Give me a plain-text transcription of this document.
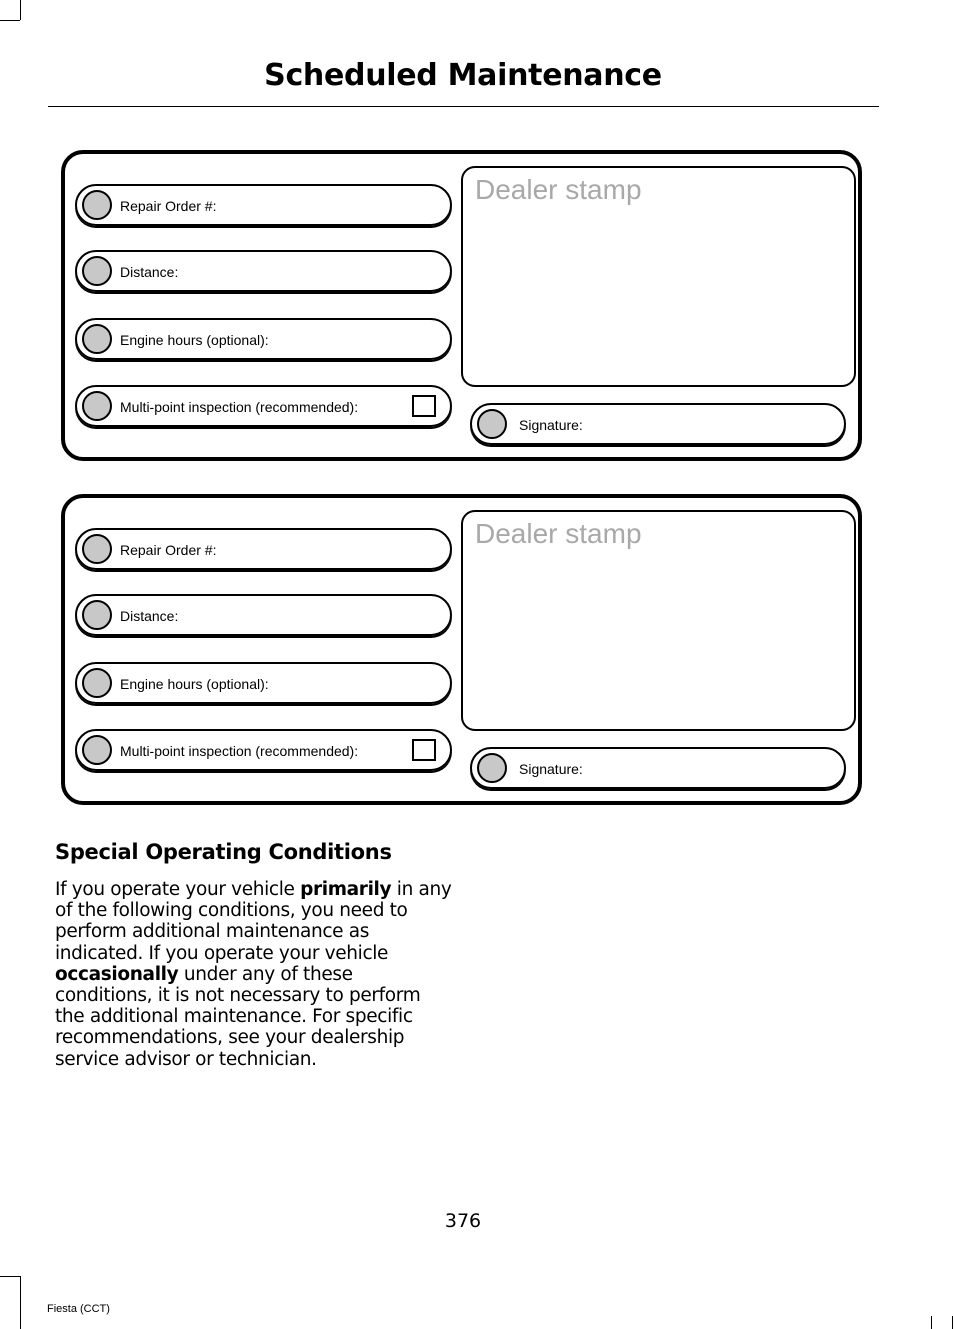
Scheduled Maintenance
Repair Order #:
Distance:
Engine hours (optional):
Multi-point inspection (recommended):
Dealer stamp
Signature:
Repair Order #:
Distance:
Engine hours (optional):
Multi-point inspection (recommended):
Dealer stamp
Signature:
Special Operating Conditions
If you operate your vehicle primarily in any of the following conditions, you need to perform additional maintenance as indicated. If you operate your vehicle occasionally under any of these conditions, it is not necessary to perform the additional maintenance. For specific recommendations, see your dealership service advisor or technician.
376
Fiesta (CCT)
